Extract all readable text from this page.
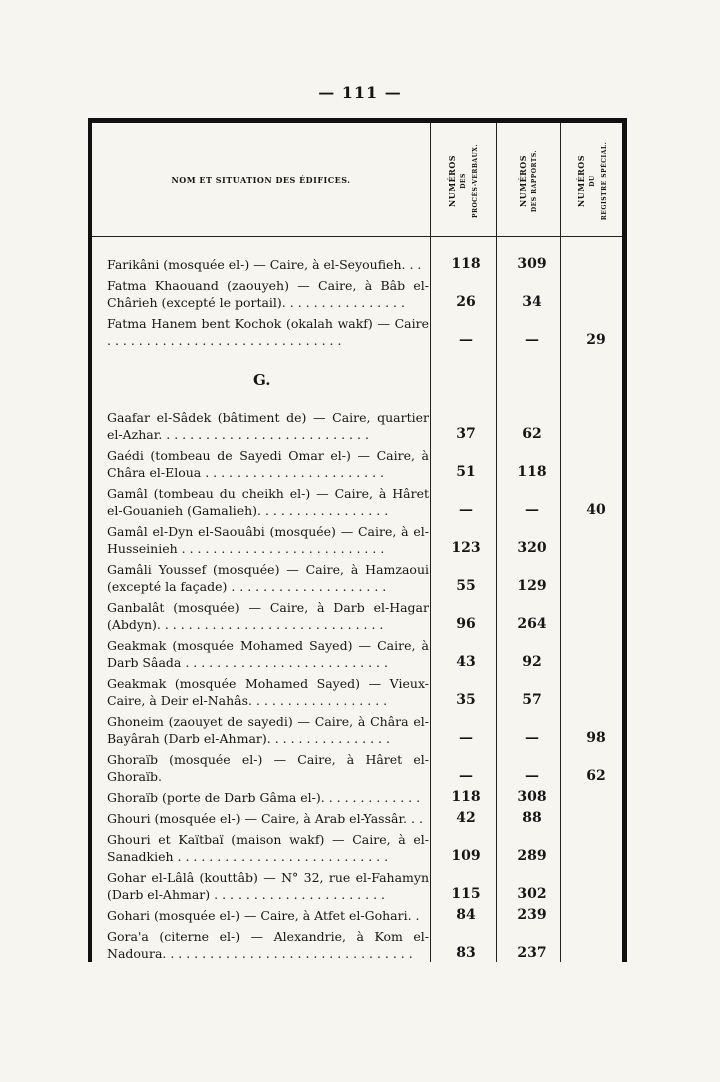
— 111 —
NOM ET SITUATION DES ÉDIFICES.	NUMÉROS DES PROCÈS-VERBAUX.	NUMÉROS DES RAPPORTS.	NUMÉROS DU REGISTRE SPÉCIAL.
Farikâni (mosquée el-) — Caire, à el-Seyoufieh. . .	118	309
Fatma Khaouand (zaouyeh) — Caire, à Bâb el-Chârieh (excepté le portail). . . . . . . . . . . . . . . .	26	34
Fatma Hanem bent Kochok (okalah wakf) — Caire . . . . . . . . . . . . . . . . . . . . . . . . . . . . . .	—	—	29
G.
Gaafar el-Sâdek (bâtiment de) — Caire, quartier el-Azhar. . . . . . . . . . . . . . . . . . . . . . . . . . .	37	62
Gaédi (tombeau de Sayedi Omar el-) — Caire, à Châra el-Eloua . . . . . . . . . . . . . . . . . . . . . . .	51	118
Gamâl (tombeau du cheikh el-) — Caire, à Hâret el-Gouanieh (Gamalieh). . . . . . . . . . . . . . . . .	—	—	40
Gamâl el-Dyn el-Saouâbi (mosquée) — Caire, à el-Husseinieh . . . . . . . . . . . . . . . . . . . . . . . . . .	123	320
Gamâli Youssef (mosquée) — Caire, à Hamzaoui (excepté la façade) . . . . . . . . . . . . . . . . . . . .	55	129
Ganbalât (mosquée) — Caire, à Darb el-Hagar (Abdyn). . . . . . . . . . . . . . . . . . . . . . . . . . . . .	96	264
Geakmak (mosquée Mohamed Sayed) — Caire, à Darb Sâada . . . . . . . . . . . . . . . . . . . . . . . . . .	43	92
Geakmak (mosquée Mohamed Sayed) — Vieux-Caire, à Deir el-Nahâs. . . . . . . . . . . . . . . . . .	35	57
Ghoneim (zaouyet de sayedi) — Caire, à Châra el-Bayârah (Darb el-Ahmar). . . . . . . . . . . . . . . .	—	—	98
Ghoraïb (mosquée el-) — Caire, à Hâret el-Ghoraïb.	—	—	62
Ghoraïb (porte de Darb Gâma el-). . . . . . . . . . . . .	118	308
Ghouri (mosquée el-) — Caire, à Arab el-Yassâr. . .	42	88
Ghouri et Kaïtbaï (maison wakf) — Caire, à el-Sanadkieh . . . . . . . . . . . . . . . . . . . . . . . . . . .	109	289
Gohar el-Lâlâ (kouttâb) — N° 32, rue el-Fahamyn (Darb el-Ahmar) . . . . . . . . . . . . . . . . . . . . . .	115	302
Gohari (mosquée el-) — Caire, à Atfet el-Gohari. .	84	239
Gora'a (citerne el-) — Alexandrie, à Kom el-Nadoura. . . . . . . . . . . . . . . . . . . . . . . . . . . . . . . .	83	237
